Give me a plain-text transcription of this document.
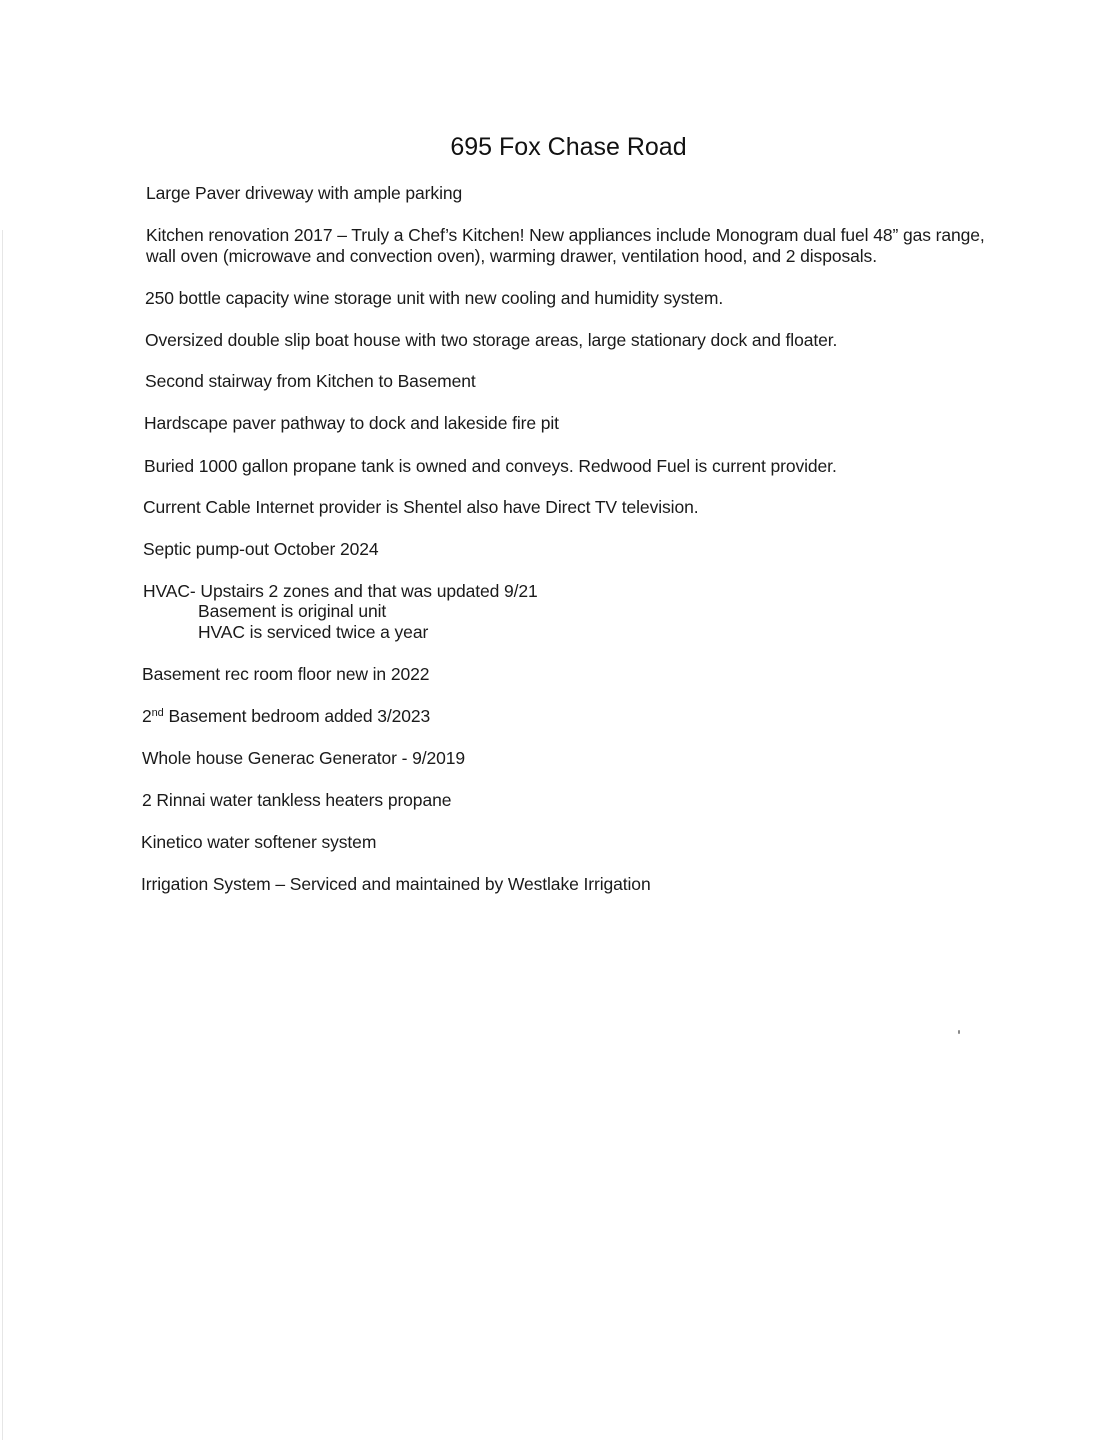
695 Fox Chase Road
Large Paver driveway with ample parking
Kitchen renovation 2017 – Truly a Chef’s Kitchen! New appliances include Monogram dual fuel 48” gas range,
wall oven (microwave and convection oven), warming drawer, ventilation hood, and 2 disposals.
250 bottle capacity wine storage unit with new cooling and humidity system.
Oversized double slip boat house with two storage areas, large stationary dock and floater.
Second stairway from Kitchen to Basement
Hardscape paver pathway to dock and lakeside fire pit
Buried 1000 gallon propane tank is owned and conveys. Redwood Fuel is current provider.
Current Cable Internet provider is Shentel also have Direct TV television.
Septic pump-out October 2024
HVAC- Upstairs 2 zones and that was updated 9/21
Basement is original unit
HVAC is serviced twice a year
Basement rec room floor new in 2022
2nd Basement bedroom added 3/2023
Whole house Generac Generator - 9/2019
2 Rinnai water tankless heaters propane
Kinetico water softener system
Irrigation System – Serviced and maintained by Westlake Irrigation
